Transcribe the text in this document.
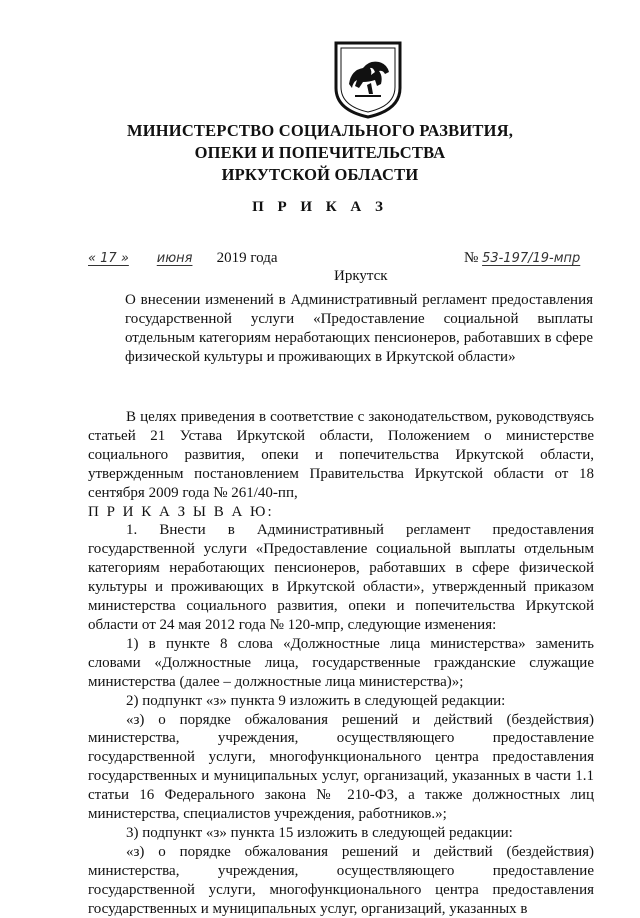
МИНИСТЕРСТВО СОЦИАЛЬНОГО РАЗВИТИЯ,
ОПЕКИ И ПОПЕЧИТЕЛЬСТВА
ИРКУТСКОЙ ОБЛАСТИ
П Р И К А З
« 17 » июня 2019 года	№ 53-197/19-мпр
Иркутск
О внесении изменений в Административный регламент предоставления государственной услуги «Предоставление социальной выплаты отдельным категориям неработающих пенсионеров, работавших в сфере физической культуры и проживающих в Иркутской области»

В целях приведения в соответствие с законодательством, руководствуясь статьей 21 Устава Иркутской области, Положением о министерстве социального развития, опеки и попечительства Иркутской области, утвержденным постановлением Правительства Иркутской области от 18 сентября 2009 года № 261/40-пп,

П Р И К А З Ы В А Ю:

1. Внести в Административный регламент предоставления государственной услуги «Предоставление социальной выплаты отдельным категориям неработающих пенсионеров, работавших в сфере физической культуры и проживающих в Иркутской области», утвержденный приказом министерства социального развития, опеки и попечительства Иркутской области от 24 мая 2012 года № 120-мпр, следующие изменения:

1) в пункте 8 слова «Должностные лица министерства» заменить словами «Должностные лица, государственные гражданские служащие министерства (далее – должностные лица министерства)»;

2) подпункт «з» пункта 9 изложить в следующей редакции:

«з) о порядке обжалования решений и действий (бездействия) министерства, учреждения, осуществляющего предоставление государственной услуги, многофункционального центра предоставления государственных и муниципальных услуг, организаций, указанных в части 1.1 статьи 16 Федерального закона № 210-ФЗ, а также должностных лиц министерства, специалистов учреждения, работников.»;

3) подпункт «з» пункта 15 изложить в следующей редакции:

«з) о порядке обжалования решений и действий (бездействия) министерства, учреждения, осуществляющего предоставление государственной услуги, многофункционального центра предоставления государственных и муниципальных услуг, организаций, указанных в
